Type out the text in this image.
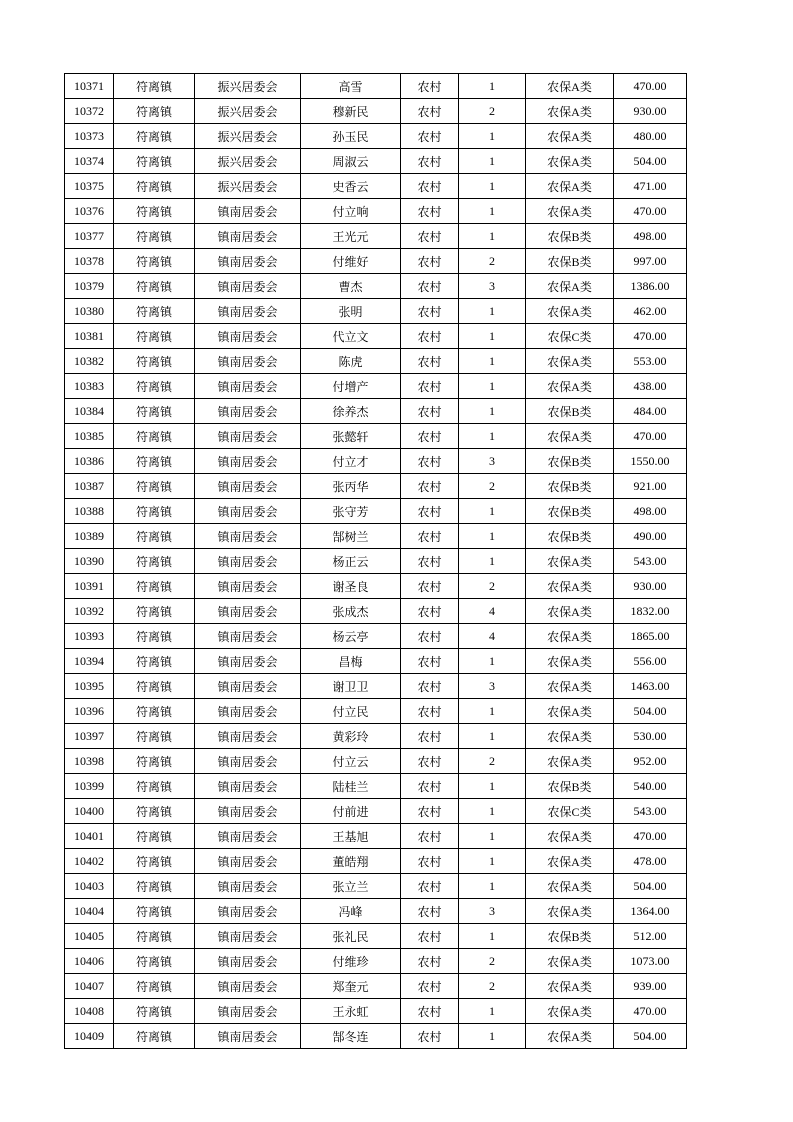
10371	符离镇	振兴居委会	高雪	农村	1	农保A类	470.00
10372	符离镇	振兴居委会	穆新民	农村	2	农保A类	930.00
10373	符离镇	振兴居委会	孙玉民	农村	1	农保A类	480.00
10374	符离镇	振兴居委会	周淑云	农村	1	农保A类	504.00
10375	符离镇	振兴居委会	史香云	农村	1	农保A类	471.00
10376	符离镇	镇南居委会	付立响	农村	1	农保A类	470.00
10377	符离镇	镇南居委会	王光元	农村	1	农保B类	498.00
10378	符离镇	镇南居委会	付维好	农村	2	农保B类	997.00
10379	符离镇	镇南居委会	曹杰	农村	3	农保A类	1386.00
10380	符离镇	镇南居委会	张明	农村	1	农保A类	462.00
10381	符离镇	镇南居委会	代立文	农村	1	农保C类	470.00
10382	符离镇	镇南居委会	陈虎	农村	1	农保A类	553.00
10383	符离镇	镇南居委会	付增产	农村	1	农保A类	438.00
10384	符离镇	镇南居委会	徐养杰	农村	1	农保B类	484.00
10385	符离镇	镇南居委会	张懿轩	农村	1	农保A类	470.00
10386	符离镇	镇南居委会	付立才	农村	3	农保B类	1550.00
10387	符离镇	镇南居委会	张丙华	农村	2	农保B类	921.00
10388	符离镇	镇南居委会	张守芳	农村	1	农保B类	498.00
10389	符离镇	镇南居委会	郜树兰	农村	1	农保B类	490.00
10390	符离镇	镇南居委会	杨正云	农村	1	农保A类	543.00
10391	符离镇	镇南居委会	谢圣良	农村	2	农保A类	930.00
10392	符离镇	镇南居委会	张成杰	农村	4	农保A类	1832.00
10393	符离镇	镇南居委会	杨云亭	农村	4	农保A类	1865.00
10394	符离镇	镇南居委会	昌梅	农村	1	农保A类	556.00
10395	符离镇	镇南居委会	谢卫卫	农村	3	农保A类	1463.00
10396	符离镇	镇南居委会	付立民	农村	1	农保A类	504.00
10397	符离镇	镇南居委会	黄彩玲	农村	1	农保A类	530.00
10398	符离镇	镇南居委会	付立云	农村	2	农保A类	952.00
10399	符离镇	镇南居委会	陆桂兰	农村	1	农保B类	540.00
10400	符离镇	镇南居委会	付前进	农村	1	农保C类	543.00
10401	符离镇	镇南居委会	王基旭	农村	1	农保A类	470.00
10402	符离镇	镇南居委会	董皓翔	农村	1	农保A类	478.00
10403	符离镇	镇南居委会	张立兰	农村	1	农保A类	504.00
10404	符离镇	镇南居委会	冯峰	农村	3	农保A类	1364.00
10405	符离镇	镇南居委会	张礼民	农村	1	农保B类	512.00
10406	符离镇	镇南居委会	付维珍	农村	2	农保A类	1073.00
10407	符离镇	镇南居委会	郑奎元	农村	2	农保A类	939.00
10408	符离镇	镇南居委会	王永虹	农村	1	农保A类	470.00
10409	符离镇	镇南居委会	郜冬连	农村	1	农保A类	504.00
